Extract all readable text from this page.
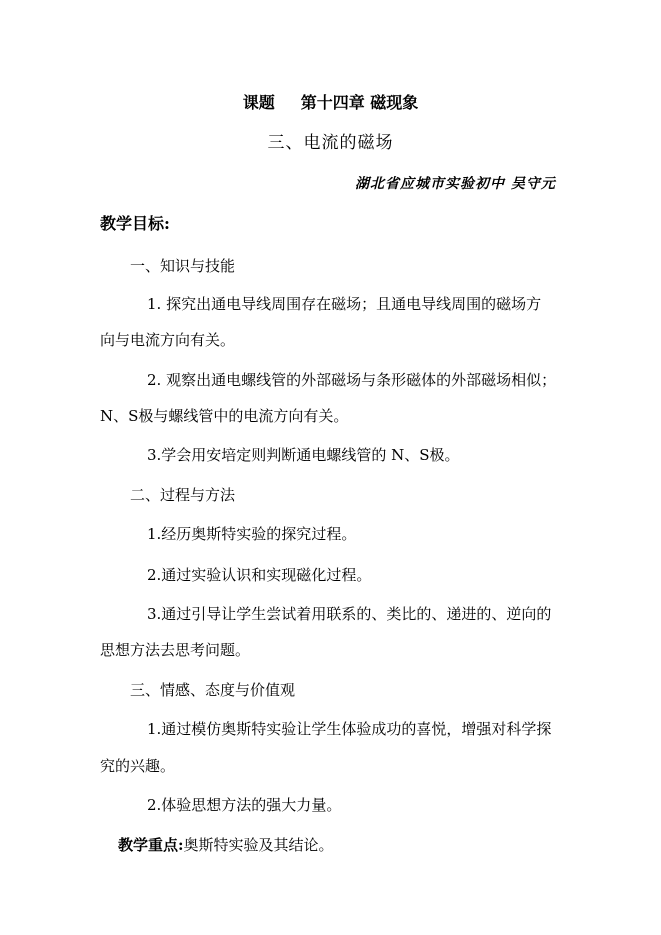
课题 第十四章 磁现象
三、电流的磁场
湖北省应城市实验初中 吴守元
教学目标:
一、知识与技能
1. 探究出通电导线周围存在磁场；且通电导线周围的磁场方
向与电流方向有关。
2. 观察出通电螺线管的外部磁场与条形磁体的外部磁场相似；
N、S极与螺线管中的电流方向有关。
3.学会用安培定则判断通电螺线管的 N、S极。
二、过程与方法
1.经历奥斯特实验的探究过程。
2.通过实验认识和实现磁化过程。
3.通过引导让学生尝试着用联系的、类比的、递进的、逆向的
思想方法去思考问题。
三、情感、态度与价值观
1.通过模仿奥斯特实验让学生体验成功的喜悦，增强对科学探
究的兴趣。
2.体验思想方法的强大力量。
教学重点:奥斯特实验及其结论。
